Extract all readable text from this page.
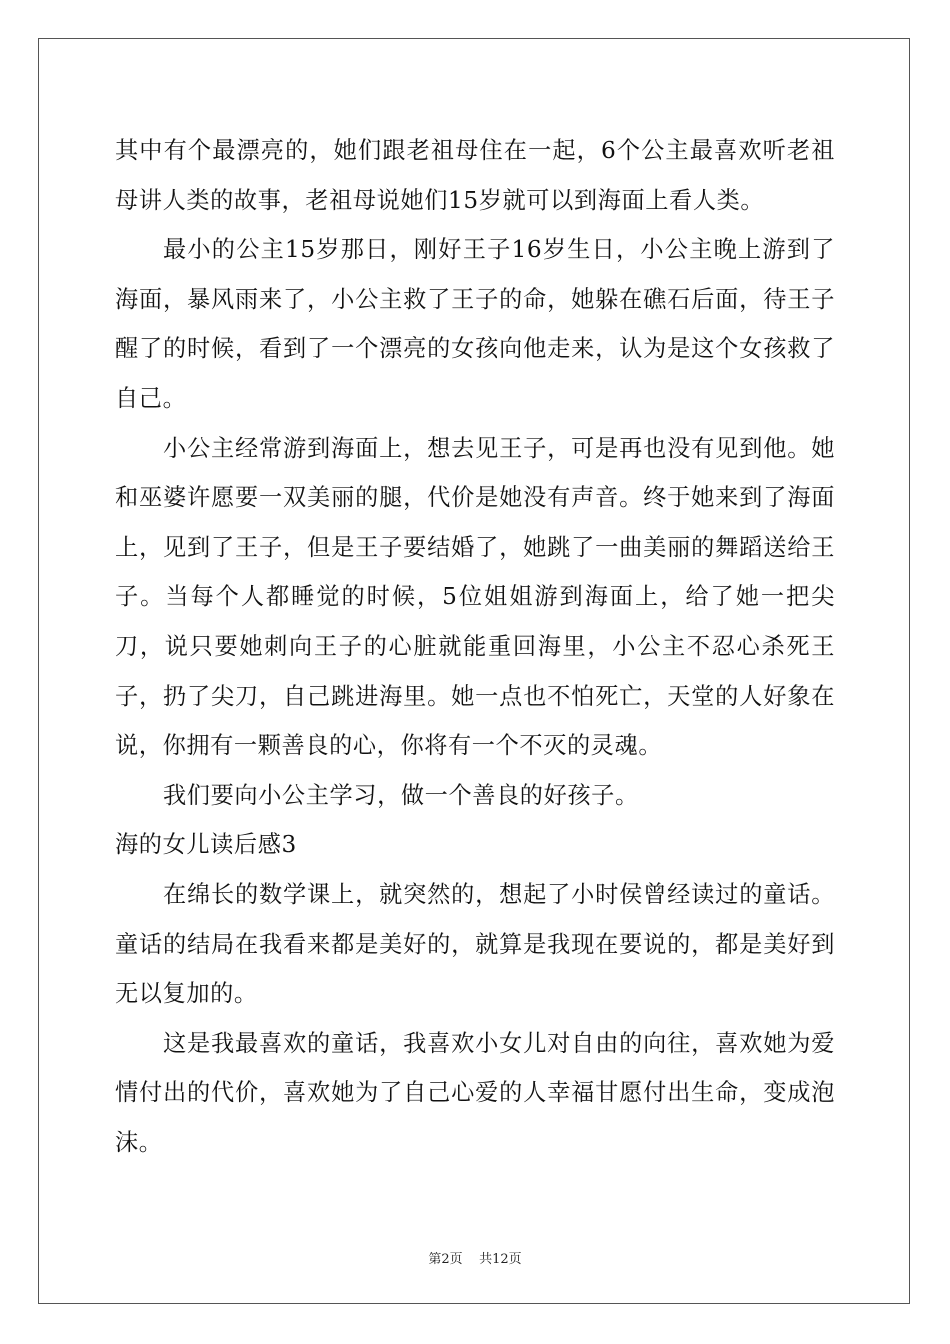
其中有个最漂亮的，她们跟老祖母住在一起，6个公主最喜欢听老祖母讲人类的故事，老祖母说她们15岁就可以到海面上看人类。

最小的公主15岁那日，刚好王子16岁生日，小公主晚上游到了海面，暴风雨来了，小公主救了王子的命，她躲在礁石后面，待王子醒了的时候，看到了一个漂亮的女孩向他走来，认为是这个女孩救了自己。

小公主经常游到海面上，想去见王子，可是再也没有见到他。她和巫婆许愿要一双美丽的腿，代价是她没有声音。终于她来到了海面上，见到了王子，但是王子要结婚了，她跳了一曲美丽的舞蹈送给王子。当每个人都睡觉的时候，5位姐姐游到海面上，给了她一把尖刀，说只要她刺向王子的心脏就能重回海里，小公主不忍心杀死王子，扔了尖刀，自己跳进海里。她一点也不怕死亡，天堂的人好象在说，你拥有一颗善良的心，你将有一个不灭的灵魂。

我们要向小公主学习，做一个善良的好孩子。

海的女儿读后感3

在绵长的数学课上，就突然的，想起了小时侯曾经读过的童话。童话的结局在我看来都是美好的，就算是我现在要说的，都是美好到无以复加的。

这是我最喜欢的童话，我喜欢小女儿对自由的向往，喜欢她为爱情付出的代价，喜欢她为了自己心爱的人幸福甘愿付出生命，变成泡沫。

第2页 共12页
